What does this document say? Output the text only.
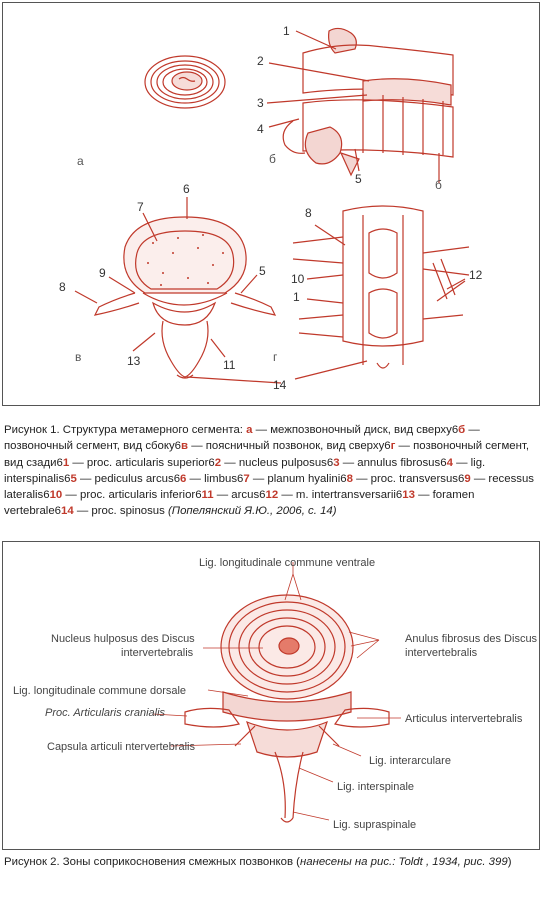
а	б
б
в	г
1
2
3
4
5
6
7
8
9	5
13	11
14
8
10
1
12
Рисунок 1. Структура метамерного сегмента: а — межпозвоночный диск, вид сверху6б — позвоночный сегмент, вид сбоку6в — поясничный позвонок, вид сверху6г — позвоночный сегмент, вид сзади61 — proc. articularis superior62 — nucleus pulposus63 — annulus fibrosus64 — lig. interspinalis65 — pediculus arcus66 — limbus67 — planum hyalini68 — proc. transversus69 — recessus lateralis610 — proc. articularis inferior611 — arcus612 — m. intertransversarii613 — foramen vertebrale614 — proc. spinosus (Попелянский Я.Ю., 2006, с. 14)
Lig. longitudinale commune ventrale
Nucleus hulposus des Discus
intervertebralis
Anulus fibrosus des Discus
intervertebralis
Lig. longitudinale commune dorsale
Proc. Articularis cranialis	Articulus intervertebralis
Capsula articuli ntervertebralis
Lig. interarculare
Lig. interspinale
Lig. supraspinale
Рисунок 2. Зоны соприкосновения смежных позвонков (нанесены на рис.: Toldt , 1934, рис. 399)
